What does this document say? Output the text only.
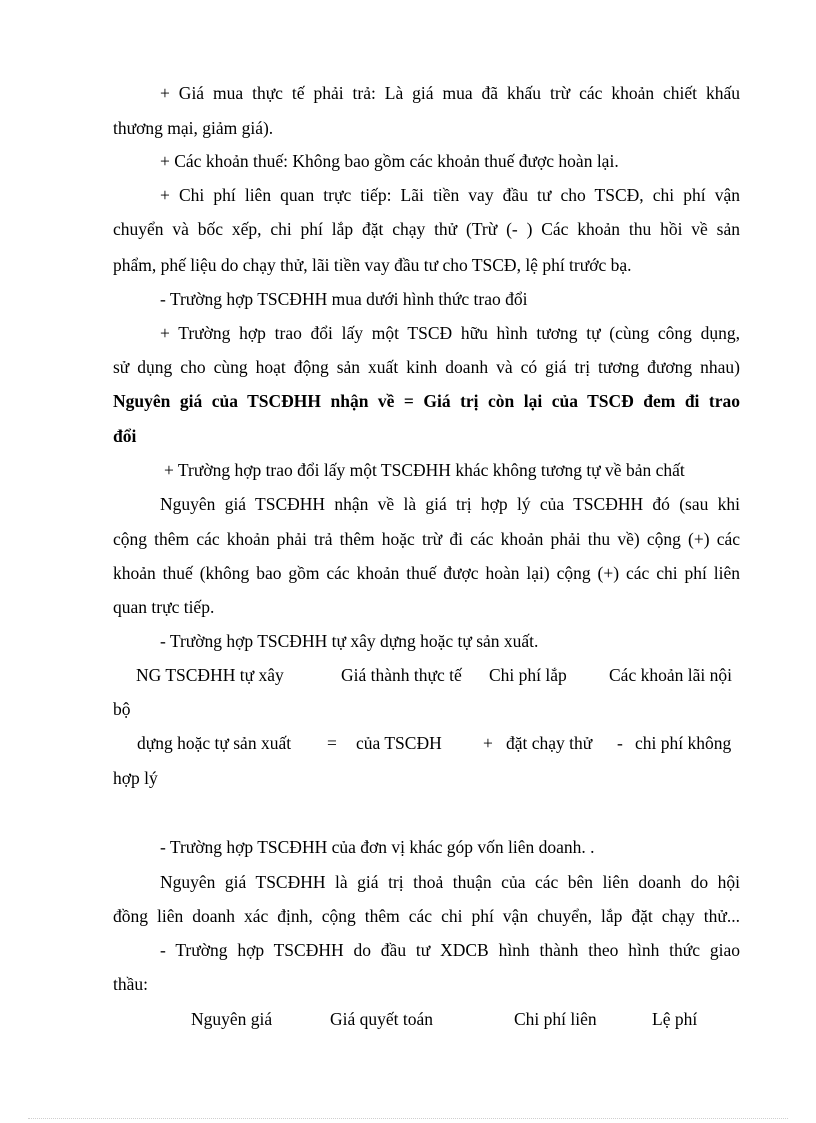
+ Giá mua thực tế phải trả: Là giá mua đã khấu trừ các khoản chiết khấu
thương mại, giảm giá).
+ Các khoản thuế: Không bao gồm các khoản thuế được hoàn lại.
+ Chi phí liên quan trực tiếp: Lãi tiền vay đầu tư cho TSCĐ, chi phí vận
chuyển và bốc xếp, chi phí lắp đặt chạy thử (Trừ (- ) Các khoản thu hồi về sản
phẩm, phế liệu do chạy thử, lãi tiền vay đầu tư cho TSCĐ, lệ phí trước bạ.
- Trường hợp TSCĐHH mua dưới hình thức trao đổi
+ Trường hợp trao đổi lấy một TSCĐ hữu hình tương tự (cùng công dụng,
sử dụng cho cùng hoạt động sản xuất kinh doanh và có giá trị tương đương nhau)
Nguyên giá của TSCĐHH nhận về = Giá trị còn lại của TSCĐ đem đi trao
đổi
+ Trường hợp trao đổi lấy một TSCĐHH khác không tương tự về bản chất
Nguyên giá TSCĐHH nhận về là giá trị hợp lý của TSCĐHH đó (sau khi
cộng thêm các khoản phải trả thêm hoặc trừ đi các khoản phải thu về) cộng (+) các
khoản thuế (không bao gồm các khoản thuế được hoàn lại) cộng (+) các chi phí liên
quan trực tiếp.
- Trường hợp TSCĐHH tự xây dựng hoặc tự sản xuất.
NG TSCĐHH tự xây	Giá thành thực tế Chi phí lắp Các khoản lãi nội
bộ
dựng hoặc tự sản xuất = của TSCĐH + đặt chạy thử - chi phí không
hợp lý
- Trường hợp TSCĐHH của đơn vị khác góp vốn liên doanh. .
Nguyên giá TSCĐHH là giá trị thoả thuận của các bên liên doanh do hội
đồng liên doanh xác định, cộng thêm các chi phí vận chuyển, lắp đặt chạy thử...
- Trường hợp TSCĐHH do đầu tư XDCB hình thành theo hình thức giao
thầu:
Nguyên giá	Giá quyết toán	Chi phí liên	Lệ phí
